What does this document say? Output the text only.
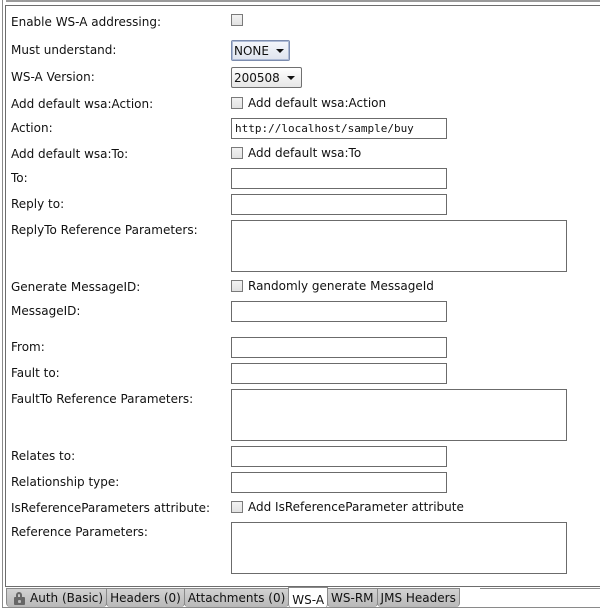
Enable WS-A addressing:
Must understand:	NONE
WS-A Version:	200508
Add default wsa:Action:	Add default wsa:Action
Action:	http://localhost/sample/buy
Add default wsa:To:	Add default wsa:To
To:
Reply to:
ReplyTo Reference Parameters:
Generate MessageID:	Randomly generate MessageId
MessageID:
From:
Fault to:
FaultTo Reference Parameters:
Relates to:
Relationship type:
IsReferenceParameters attribute:	Add IsReferenceParameter attribute
Reference Parameters:
Auth (Basic) Headers (0) Attachments (0) WS-A WS-RM JMS Headers
